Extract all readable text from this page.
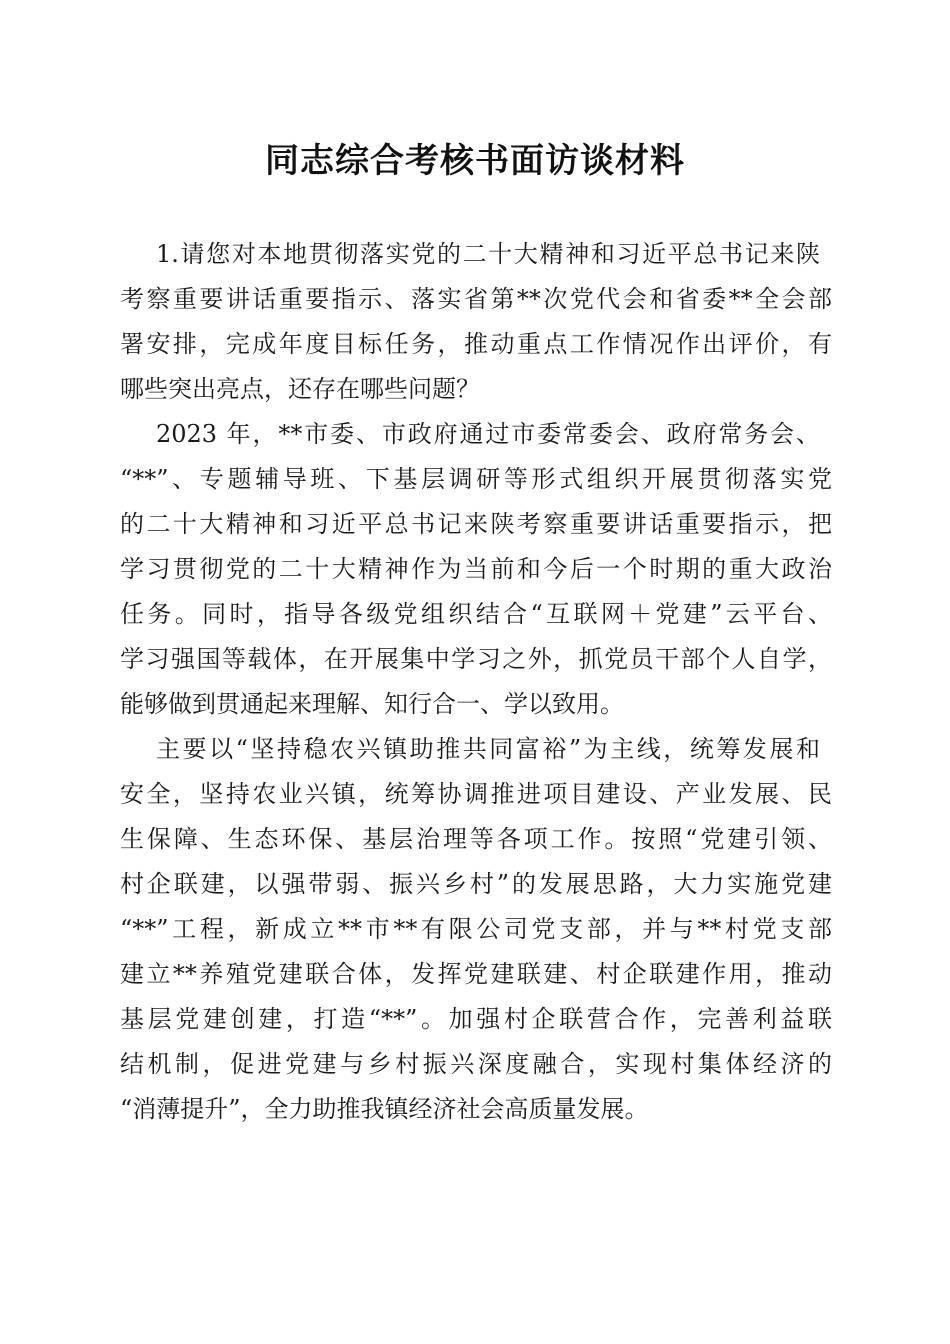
同志综合考核书面访谈材料
1.请您对本地贯彻落实党的二十大精神和习近平总书记来陕
考察重要讲话重要指示、落实省第**次党代会和省委**全会部
署安排，完成年度目标任务，推动重点工作情况作出评价，有
哪些突出亮点，还存在哪些问题？
2023 年，**市委、市政府通过市委常委会、政府常务会、
“**”、专题辅导班、下基层调研等形式组织开展贯彻落实党
的二十大精神和习近平总书记来陕考察重要讲话重要指示，把
学习贯彻党的二十大精神作为当前和今后一个时期的重大政治
任务。同时，指导各级党组织结合“互联网＋党建”云平台、
学习强国等载体，在开展集中学习之外，抓党员干部个人自学，
能够做到贯通起来理解、知行合一、学以致用。
主要以“坚持稳农兴镇助推共同富裕”为主线，统筹发展和
安全，坚持农业兴镇，统筹协调推进项目建设、产业发展、民
生保障、生态环保、基层治理等各项工作。按照“党建引领、
村企联建，以强带弱、振兴乡村”的发展思路，大力实施党建
“**”工程，新成立**市**有限公司党支部，并与**村党支部
建立**养殖党建联合体，发挥党建联建、村企联建作用，推动
基层党建创建，打造“**”。加强村企联营合作，完善利益联
结机制，促进党建与乡村振兴深度融合，实现村集体经济的
“消薄提升”，全力助推我镇经济社会高质量发展。
